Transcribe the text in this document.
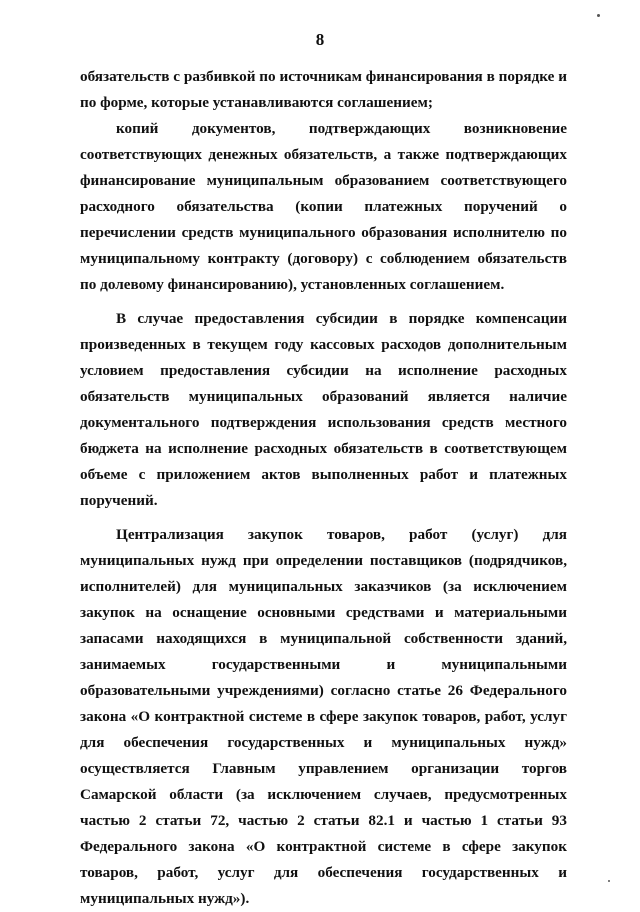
8

обязательств с разбивкой по источникам финансирования в порядке и по форме, которые устанавливаются соглашением;

копий документов, подтверждающих возникновение соответствующих денежных обязательств, а также подтверждающих финансирование муниципальным образованием соответствующего расходного обязательства (копии платежных поручений о перечислении средств муниципального образования исполнителю по муниципальному контракту (договору) с соблюдением обязательств по долевому финансированию), установленных соглашением.

В случае предоставления субсидии в порядке компенсации произведенных в текущем году кассовых расходов дополнительным условием предоставления субсидии на исполнение расходных обязательств муниципальных образований является наличие документального подтверждения использования средств местного бюджета на исполнение расходных обязательств в соответствующем объеме с приложением актов выполненных работ и платежных поручений.

Централизация закупок товаров, работ (услуг) для муниципальных нужд при определении поставщиков (подрядчиков, исполнителей) для муниципальных заказчиков (за исключением закупок на оснащение основными средствами и материальными запасами находящихся в муниципальной собственности зданий, занимаемых государственными и муниципальными образовательными учреждениями) согласно статье 26 Федерального закона «О контрактной системе в сфере закупок товаров, работ, услуг для обеспечения государственных и муниципальных нужд» осуществляется Главным управлением организации торгов Самарской области (за исключением случаев, предусмотренных частью 2 статьи 72, частью 2 статьи 82.1 и частью 1 статьи 93 Федерального закона «О контрактной системе в сфере закупок товаров, работ, услуг для обеспечения государственных и муниципальных нужд»).
